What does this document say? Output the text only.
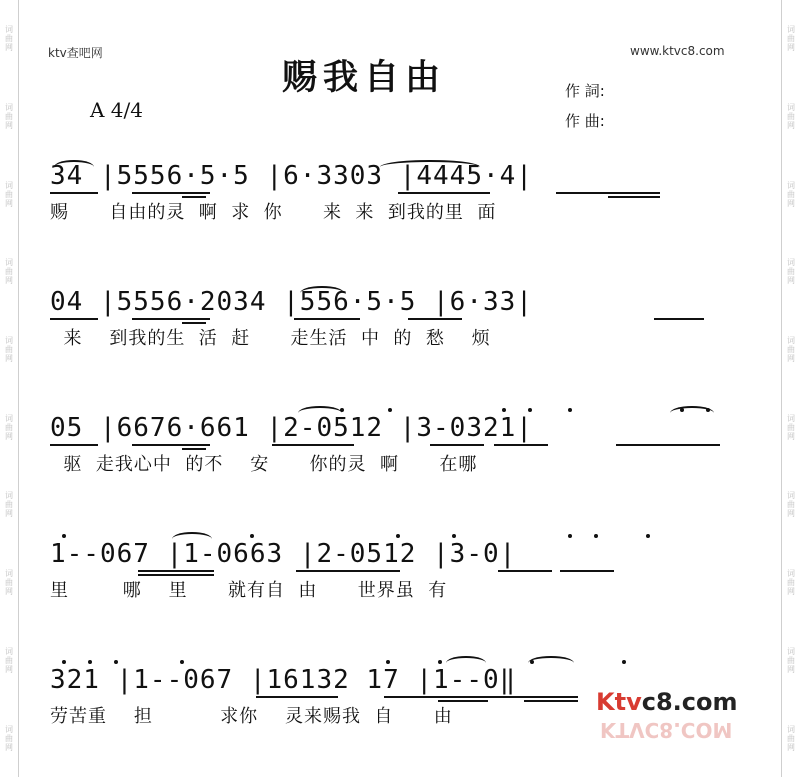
词曲网
词曲网
词曲网
词曲网
词曲网
词曲网
词曲网
词曲网
词曲网
词曲网
词曲网
词曲网
词曲网
词曲网
词曲网
词曲网
词曲网
词曲网
词曲网
词曲网
ktv查吧网	www.ktvc8.com
赐我自由
A 4/4
作 詞:
作 曲:
34 |5556·5·5 |6·3303 |4445·4|
赐      自由的灵  啊  求  你      来  来  到我的里  面
04 |5556·2034 |556·5·5 |6·33|
来    到我的生  活  赶      走生活  中  的  愁    烦
05 |6676·661 |2-0512 |3-0321|
驱  走我心中  的不    安      你的灵  啊      在哪
1--067 |1-0663 |2-0512 |3-0|
里        哪    里      就有自  由      世界虽  有
321 |1--067 |16132 17 |1--0‖
劳苦重    担          求你    灵来赐我  自      由
Ktvc8.com
KTVC8.COM
